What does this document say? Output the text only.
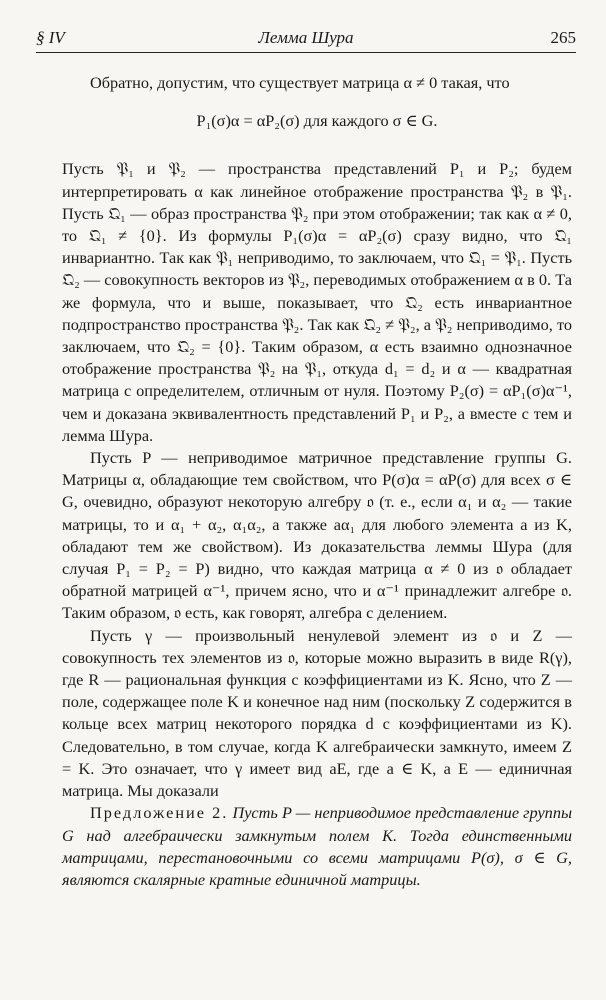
§ IV	Лемма Шура	265

Обратно, допустим, что существует матрица α ≠ 0 такая, что

P₁(σ)α = αP₂(σ) для каждого σ ∈ G.

Пусть 𝔓₁ и 𝔓₂ — пространства представлений P₁ и P₂; будем интерпретировать α как линейное отображение пространства 𝔓₂ в 𝔓₁. Пусть 𝔔₁ — образ пространства 𝔓₂ при этом отображении; так как α ≠ 0, то 𝔔₁ ≠ {0}. Из формулы P₁(σ)α = αP₂(σ) сразу видно, что 𝔔₁ инвариантно. Так как 𝔓₁ неприводимо, то заключаем, что 𝔔₁ = 𝔓₁. Пусть 𝔔₂ — совокупность векторов из 𝔓₂, переводимых отображением α в 0. Та же формула, что и выше, показывает, что 𝔔₂ есть инвариантное подпространство пространства 𝔓₂. Так как 𝔔₂ ≠ 𝔓₂, а 𝔓₂ неприводимо, то заключаем, что 𝔔₂ = {0}. Таким образом, α есть взаимно однозначное отображение пространства 𝔓₂ на 𝔓₁, откуда d₁ = d₂ и α — квадратная матрица с определителем, отличным от нуля. Поэтому P₂(σ) = αP₁(σ)α⁻¹, чем и доказана эквивалентность представлений P₁ и P₂, а вместе с тем и лемма Шура.

Пусть P — неприводимое матричное представление группы G. Матрицы α, обладающие тем свойством, что P(σ)α = αP(σ) для всех σ ∈ G, очевидно, образуют некоторую алгебру 𝔬 (т. е., если α₁ и α₂ — такие матрицы, то и α₁ + α₂, α₁α₂, а также aα₁ для любого элемента a из K, обладают тем же свойством). Из доказательства леммы Шура (для случая P₁ = P₂ = P) видно, что каждая матрица α ≠ 0 из 𝔬 обладает обратной матрицей α⁻¹, причем ясно, что и α⁻¹ принадлежит алгебре 𝔬. Таким образом, 𝔬 есть, как говорят, алгебра с делением.

Пусть γ — произвольный ненулевой элемент из 𝔬 и Z — совокупность тех элементов из 𝔬, которые можно выразить в виде R(γ), где R — рациональная функция с коэффициентами из K. Ясно, что Z — поле, содержащее поле K и конечное над ним (поскольку Z содержится в кольце всех матриц некоторого порядка d с коэффициентами из K). Следовательно, в том случае, когда K алгебраически замкнуто, имеем Z = K. Это означает, что γ имеет вид aE, где a ∈ K, а E — единичная матрица. Мы доказали

Предложение 2. Пусть P — неприводимое представление группы G над алгебраически замкнутым полем K. Тогда единственными матрицами, перестановочными со всеми матрицами P(σ), σ ∈ G, являются скалярные кратные единичной матрицы.
